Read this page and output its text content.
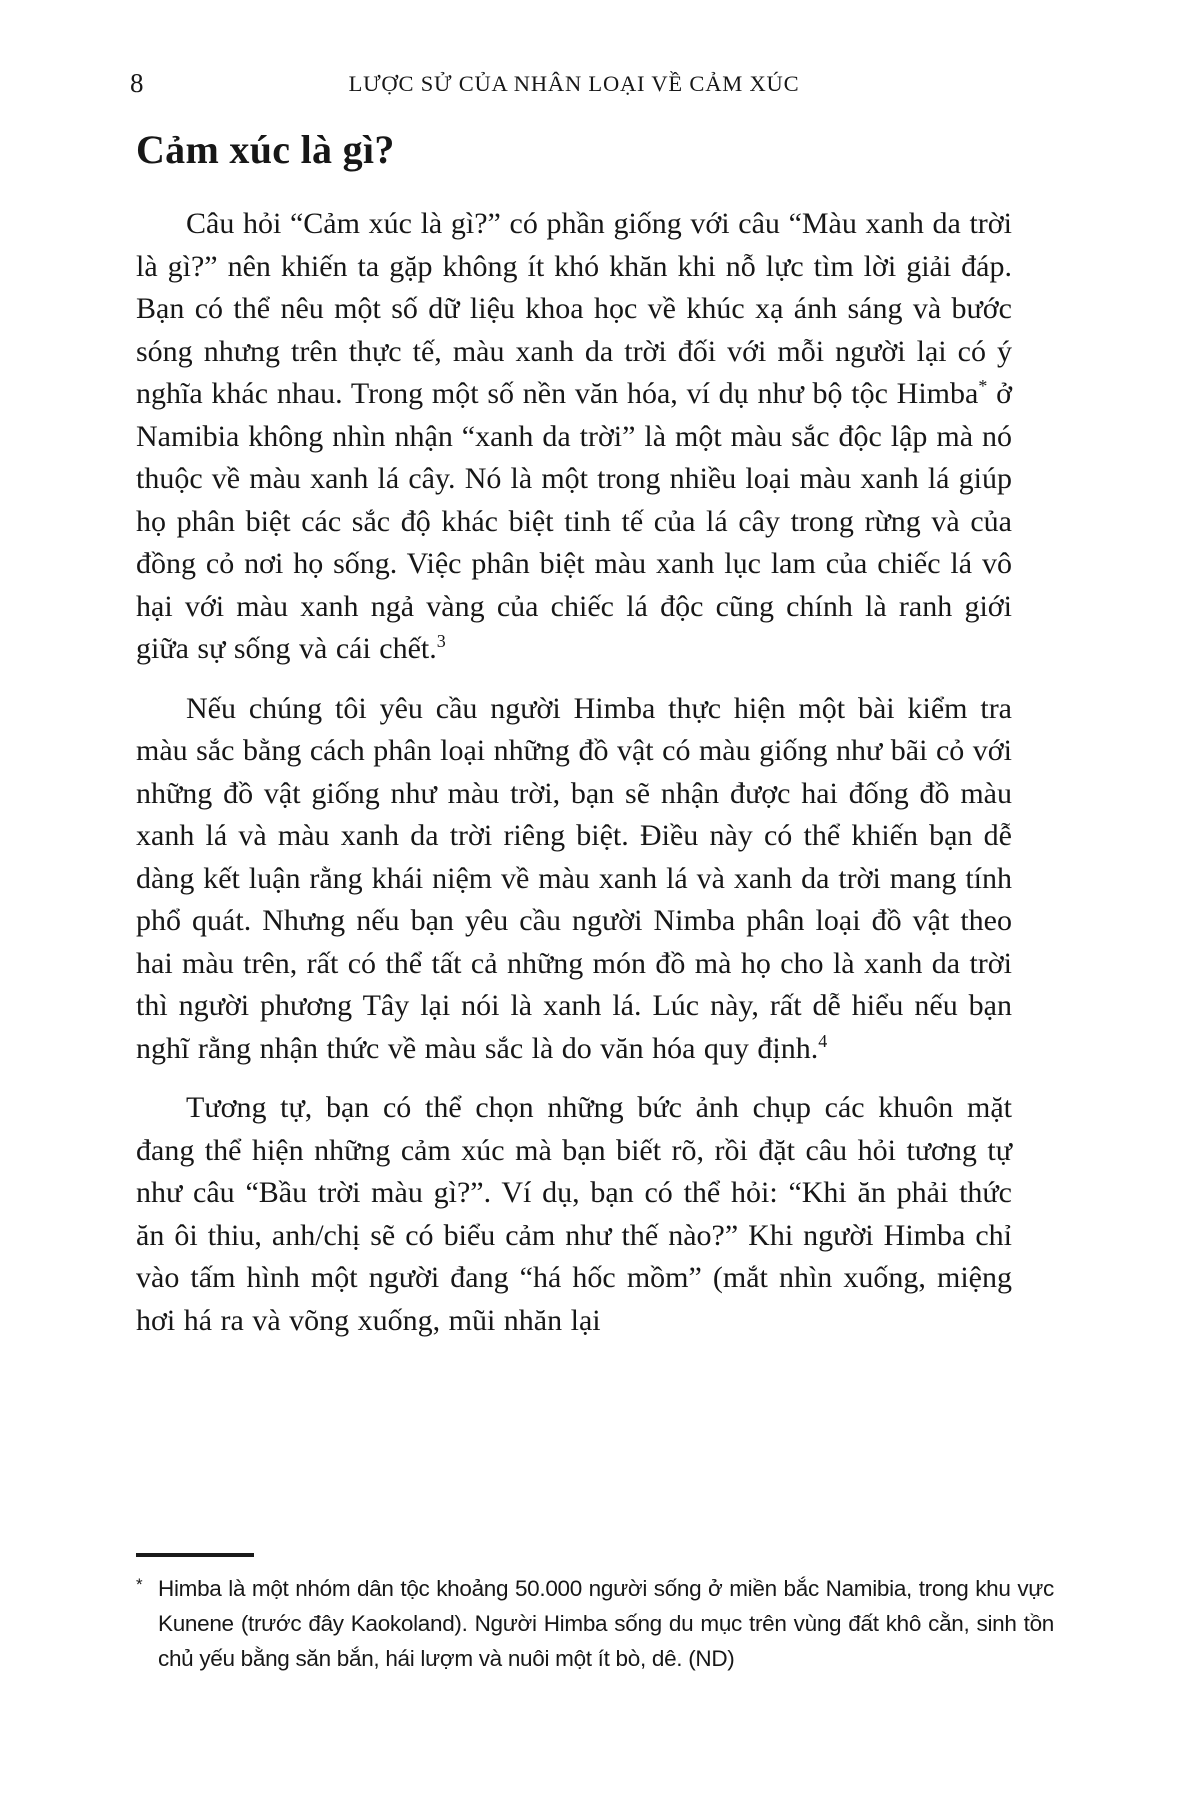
8	LƯỢC SỬ CỦA NHÂN LOẠI VỀ CẢM XÚC
Cảm xúc là gì?

Câu hỏi “Cảm xúc là gì?” có phần giống với câu “Màu xanh da trời là gì?” nên khiến ta gặp không ít khó khăn khi nỗ lực tìm lời giải đáp. Bạn có thể nêu một số dữ liệu khoa học về khúc xạ ánh sáng và bước sóng nhưng trên thực tế, màu xanh da trời đối với mỗi người lại có ý nghĩa khác nhau. Trong một số nền văn hóa, ví dụ như bộ tộc Himba* ở Namibia không nhìn nhận “xanh da trời” là một màu sắc độc lập mà nó thuộc về màu xanh lá cây. Nó là một trong nhiều loại màu xanh lá giúp họ phân biệt các sắc độ khác biệt tinh tế của lá cây trong rừng và của đồng cỏ nơi họ sống. Việc phân biệt màu xanh lục lam của chiếc lá vô hại với màu xanh ngả vàng của chiếc lá độc cũng chính là ranh giới giữa sự sống và cái chết.$^3$

Nếu chúng tôi yêu cầu người Himba thực hiện một bài kiểm tra màu sắc bằng cách phân loại những đồ vật có màu giống như bãi cỏ với những đồ vật giống như màu trời, bạn sẽ nhận được hai đống đồ màu xanh lá và màu xanh da trời riêng biệt. Điều này có thể khiến bạn dễ dàng kết luận rằng khái niệm về màu xanh lá và xanh da trời mang tính phổ quát. Nhưng nếu bạn yêu cầu người Nimba phân loại đồ vật theo hai màu trên, rất có thể tất cả những món đồ mà họ cho là xanh da trời thì người phương Tây lại nói là xanh lá. Lúc này, rất dễ hiểu nếu bạn nghĩ rằng nhận thức về màu sắc là do văn hóa quy định.$^4$

Tương tự, bạn có thể chọn những bức ảnh chụp các khuôn mặt đang thể hiện những cảm xúc mà bạn biết rõ, rồi đặt câu hỏi tương tự như câu “Bầu trời màu gì?”. Ví dụ, bạn có thể hỏi: “Khi ăn phải thức ăn ôi thiu, anh/chị sẽ có biểu cảm như thế nào?” Khi người Himba chỉ vào tấm hình một người đang “há hốc mồm” (mắt nhìn xuống, miệng hơi há ra và võng xuống, mũi nhăn lại

* Himba là một nhóm dân tộc khoảng 50.000 người sống ở miền bắc Namibia, trong khu vực Kunene (trước đây Kaokoland). Người Himba sống du mục trên vùng đất khô cằn, sinh tồn chủ yếu bằng săn bắn, hái lượm và nuôi một ít bò, dê. (ND)
